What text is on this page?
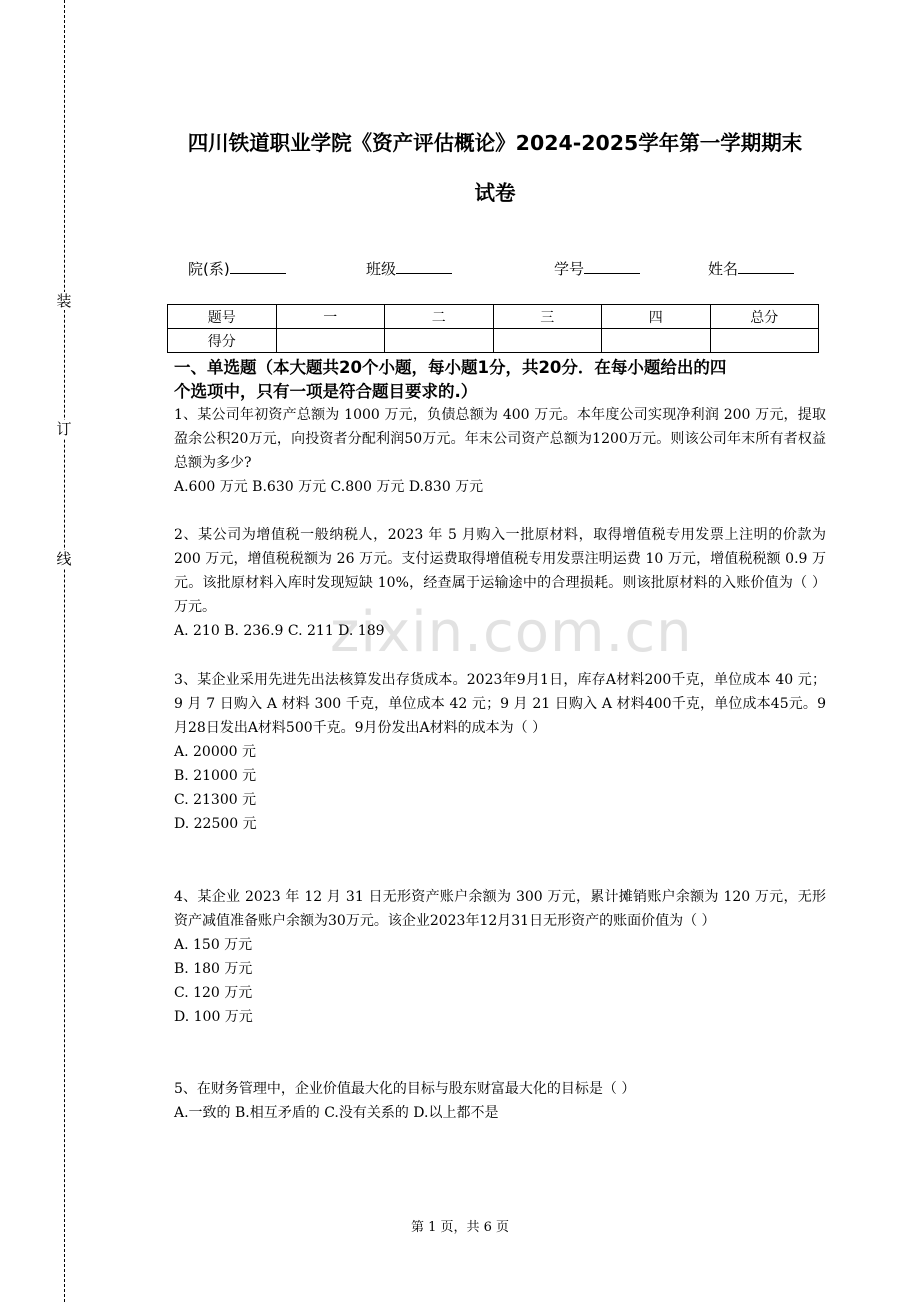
装
订
线
四川铁道职业学院《资产评估概论》2024-2025学年第一学期期末
试卷
院(系)	班级	学号	姓名
题号	一	二	三	四	总分
得分					
一、单选题（本大题共20个小题，每小题1分，共20分．在每小题给出的四
个选项中，只有一项是符合题目要求的.）
zixin.com.cn
1、某公司年初资产总额为 1000 万元，负债总额为 400 万元。本年度公司实现净利润 200 万元，提取盈余公积20万元，向投资者分配利润50万元。年末公司资产总额为1200万元。则该公司年末所有者权益总额为多少?
A.600 万元 B.630 万元 C.800 万元 D.830 万元
2、某公司为增值税一般纳税人，2023 年 5 月购入一批原材料，取得增值税专用发票上注明的价款为 200 万元，增值税税额为 26 万元。支付运费取得增值税专用发票注明运费 10 万元，增值税税额 0.9 万元。该批原材料入库时发现短缺 10%，经查属于运输途中的合理损耗。则该批原材料的入账价值为（ ）万元。
A. 210 B. 236.9 C. 211 D. 189
3、某企业采用先进先出法核算发出存货成本。2023年9月1日，库存A材料200千克，单位成本 40 元；9 月 7 日购入 A 材料 300 千克，单位成本 42 元；9 月 21 日购入 A 材料400千克，单位成本45元。9月28日发出A材料500千克。9月份发出A材料的成本为（ ）
A. 20000 元
B. 21000 元
C. 21300 元
D. 22500 元
4、某企业 2023 年 12 月 31 日无形资产账户余额为 300 万元，累计摊销账户余额为 120 万元，无形资产减值准备账户余额为30万元。该企业2023年12月31日无形资产的账面价值为（ ）
A. 150 万元
B. 180 万元
C. 120 万元
D. 100 万元
5、在财务管理中，企业价值最大化的目标与股东财富最大化的目标是（ ）
A.一致的 B.相互矛盾的 C.没有关系的 D.以上都不是
第 1 页，共 6 页
